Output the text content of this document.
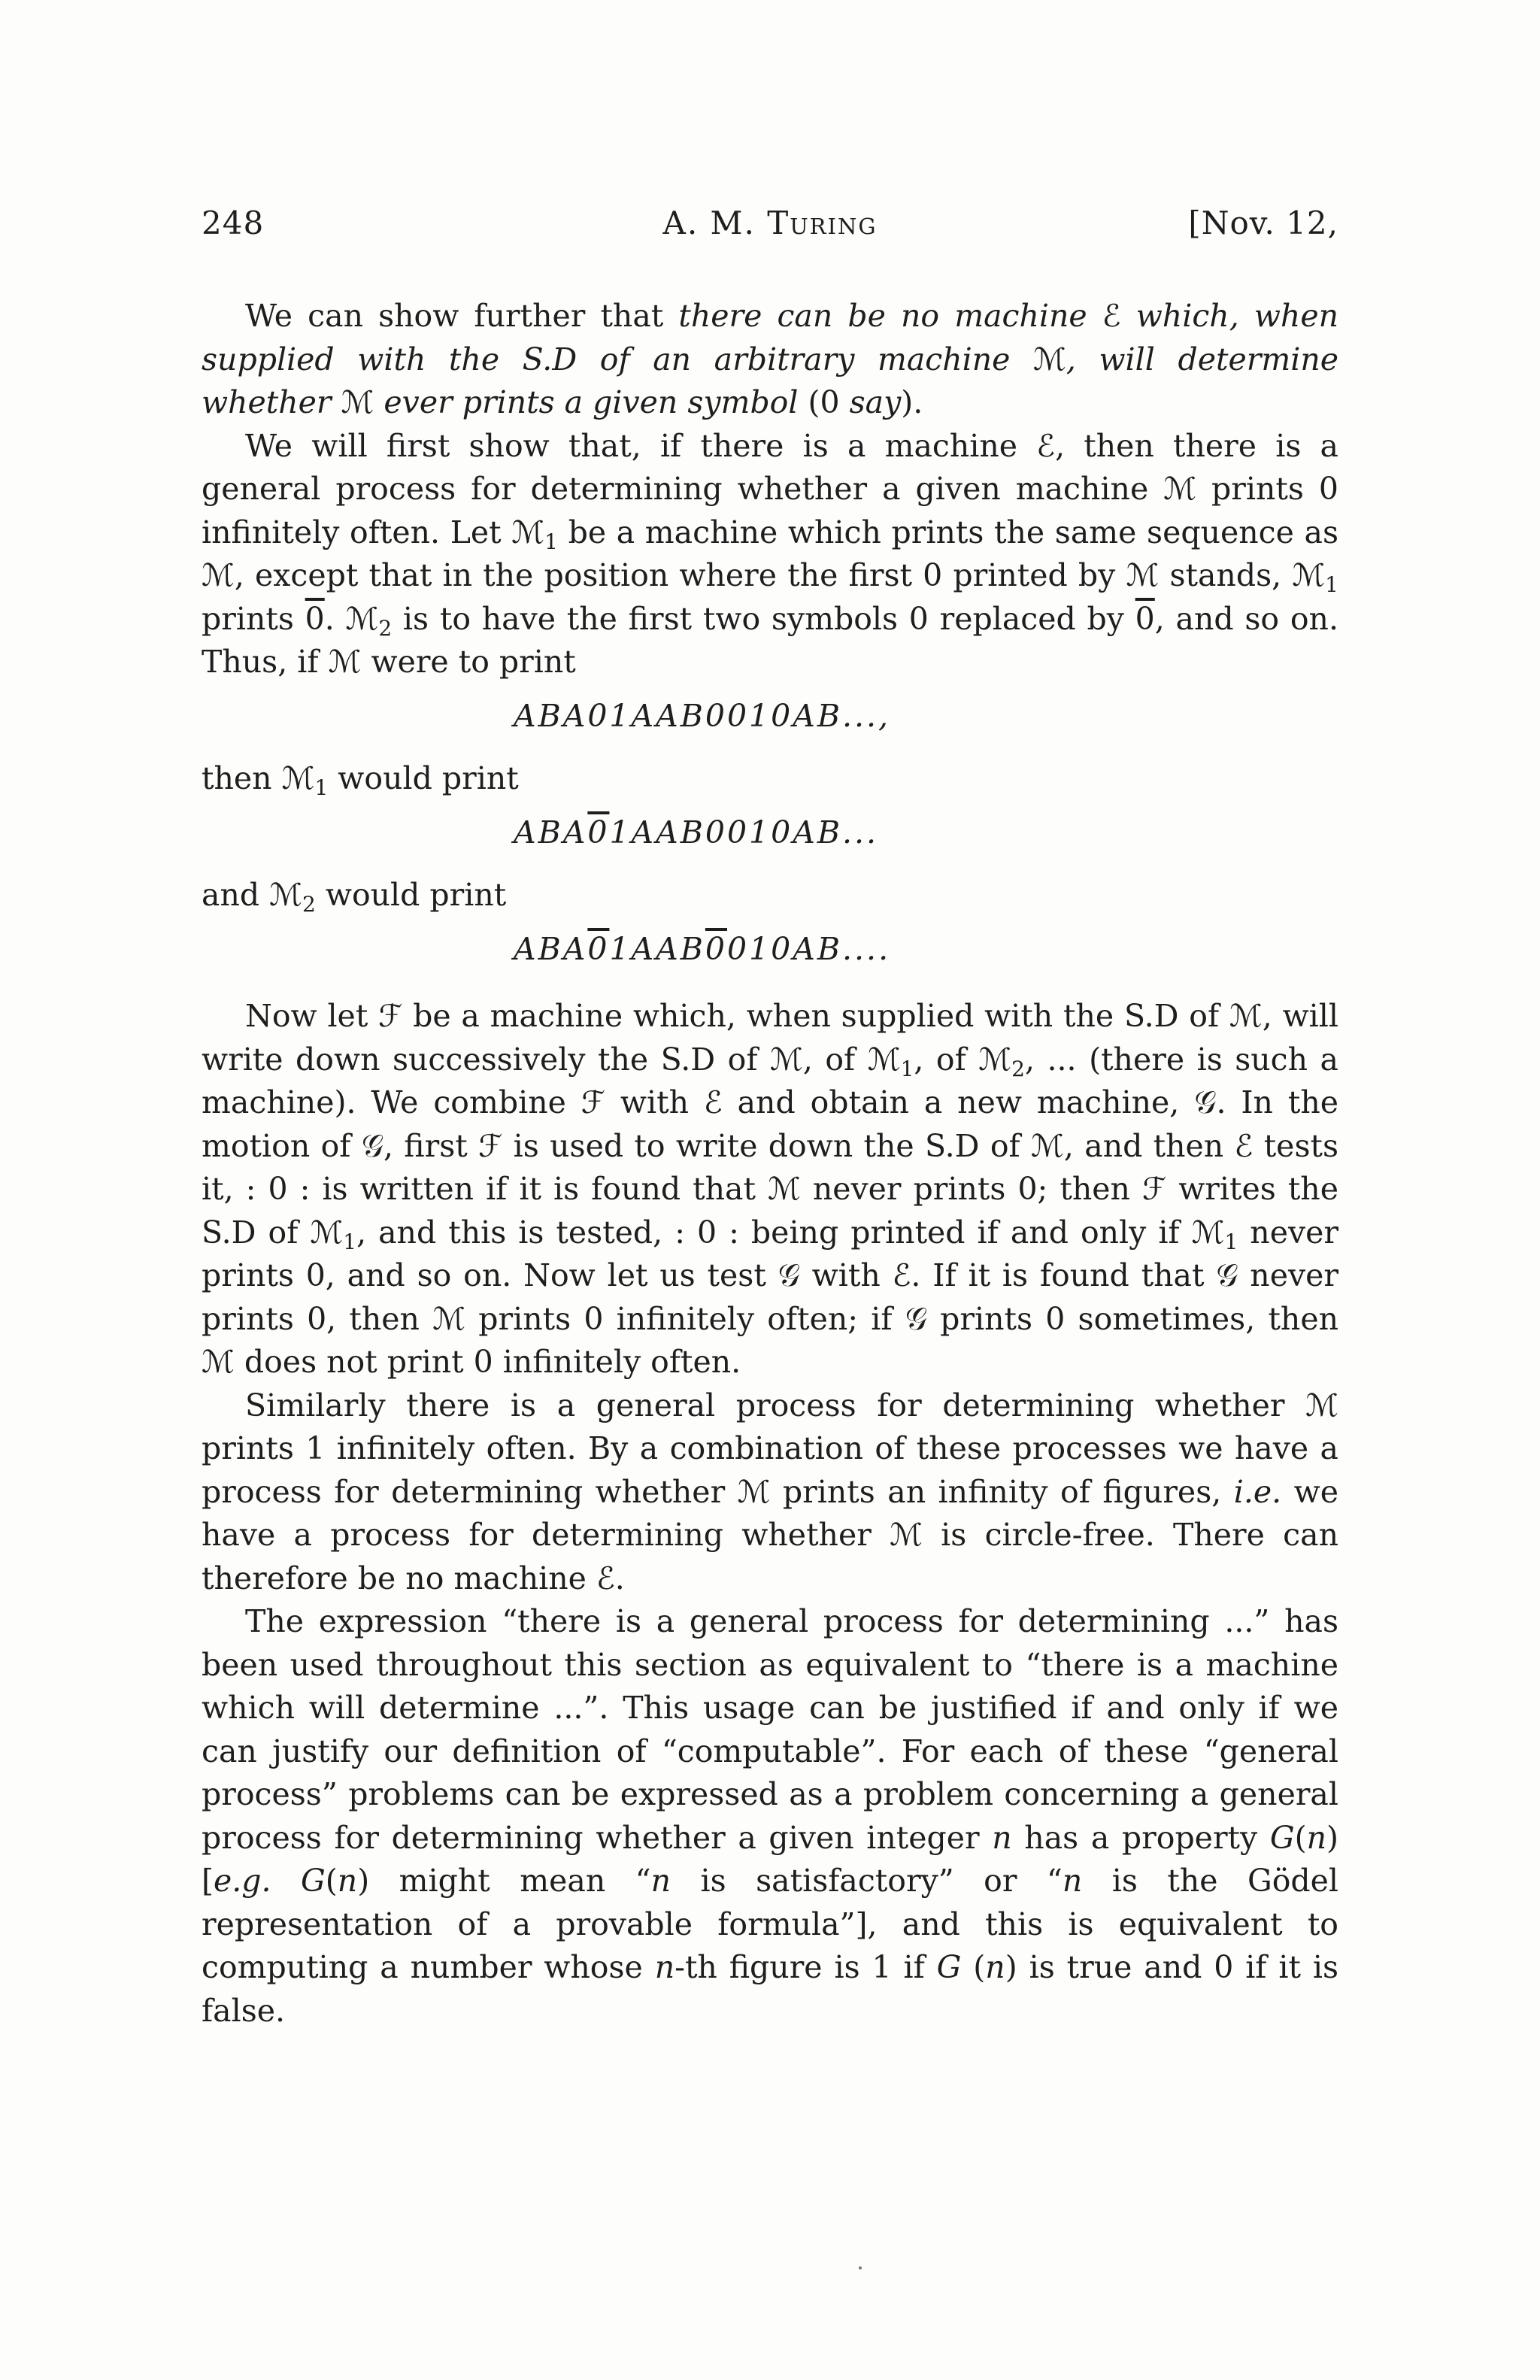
248	A. M. Turing	[Nov. 12,

We can show further that there can be no machine ℰ which, when supplied with the S.D of an arbitrary machine ℳ, will determine whether ℳ ever prints a given symbol (0 say).

We will first show that, if there is a machine ℰ, then there is a general process for determining whether a given machine ℳ prints 0 infinitely often. Let ℳ$_1$ be a machine which prints the same sequence as ℳ, except that in the position where the first 0 printed by ℳ stands, ℳ$_1$ prints 0. ℳ$_2$ is to have the first two symbols 0 replaced by 0, and so on. Thus, if ℳ were to print

ABA01AAB0010AB...,

then ℳ$_1$ would print

ABA01AAB0010AB...

and ℳ$_2$ would print

ABA01AAB0010AB....

Now let ℱ be a machine which, when supplied with the S.D of ℳ, will write down successively the S.D of ℳ, of ℳ$_1$, of ℳ$_2$, ... (there is such a machine). We combine ℱ with ℰ and obtain a new machine, 𝒢. In the motion of 𝒢, first ℱ is used to write down the S.D of ℳ, and then ℰ tests it, : 0 : is written if it is found that ℳ never prints 0; then ℱ writes the S.D of ℳ$_1$, and this is tested, : 0 : being printed if and only if ℳ$_1$ never prints 0, and so on. Now let us test 𝒢 with ℰ. If it is found that 𝒢 never prints 0, then ℳ prints 0 infinitely often; if 𝒢 prints 0 sometimes, then ℳ does not print 0 infinitely often.

Similarly there is a general process for determining whether ℳ prints 1 infinitely often. By a combination of these processes we have a process for determining whether ℳ prints an infinity of figures, i.e. we have a process for determining whether ℳ is circle-free. There can therefore be no machine ℰ.

The expression “there is a general process for determining ...” has been used throughout this section as equivalent to “there is a machine which will determine ...”. This usage can be justified if and only if we can justify our definition of “computable”. For each of these “general process” problems can be expressed as a problem concerning a general process for determining whether a given integer n has a property G(n) [e.g. G(n) might mean “n is satisfactory” or “n is the Gödel representation of a provable formula”], and this is equivalent to computing a number whose n-th figure is 1 if G (n) is true and 0 if it is false.
